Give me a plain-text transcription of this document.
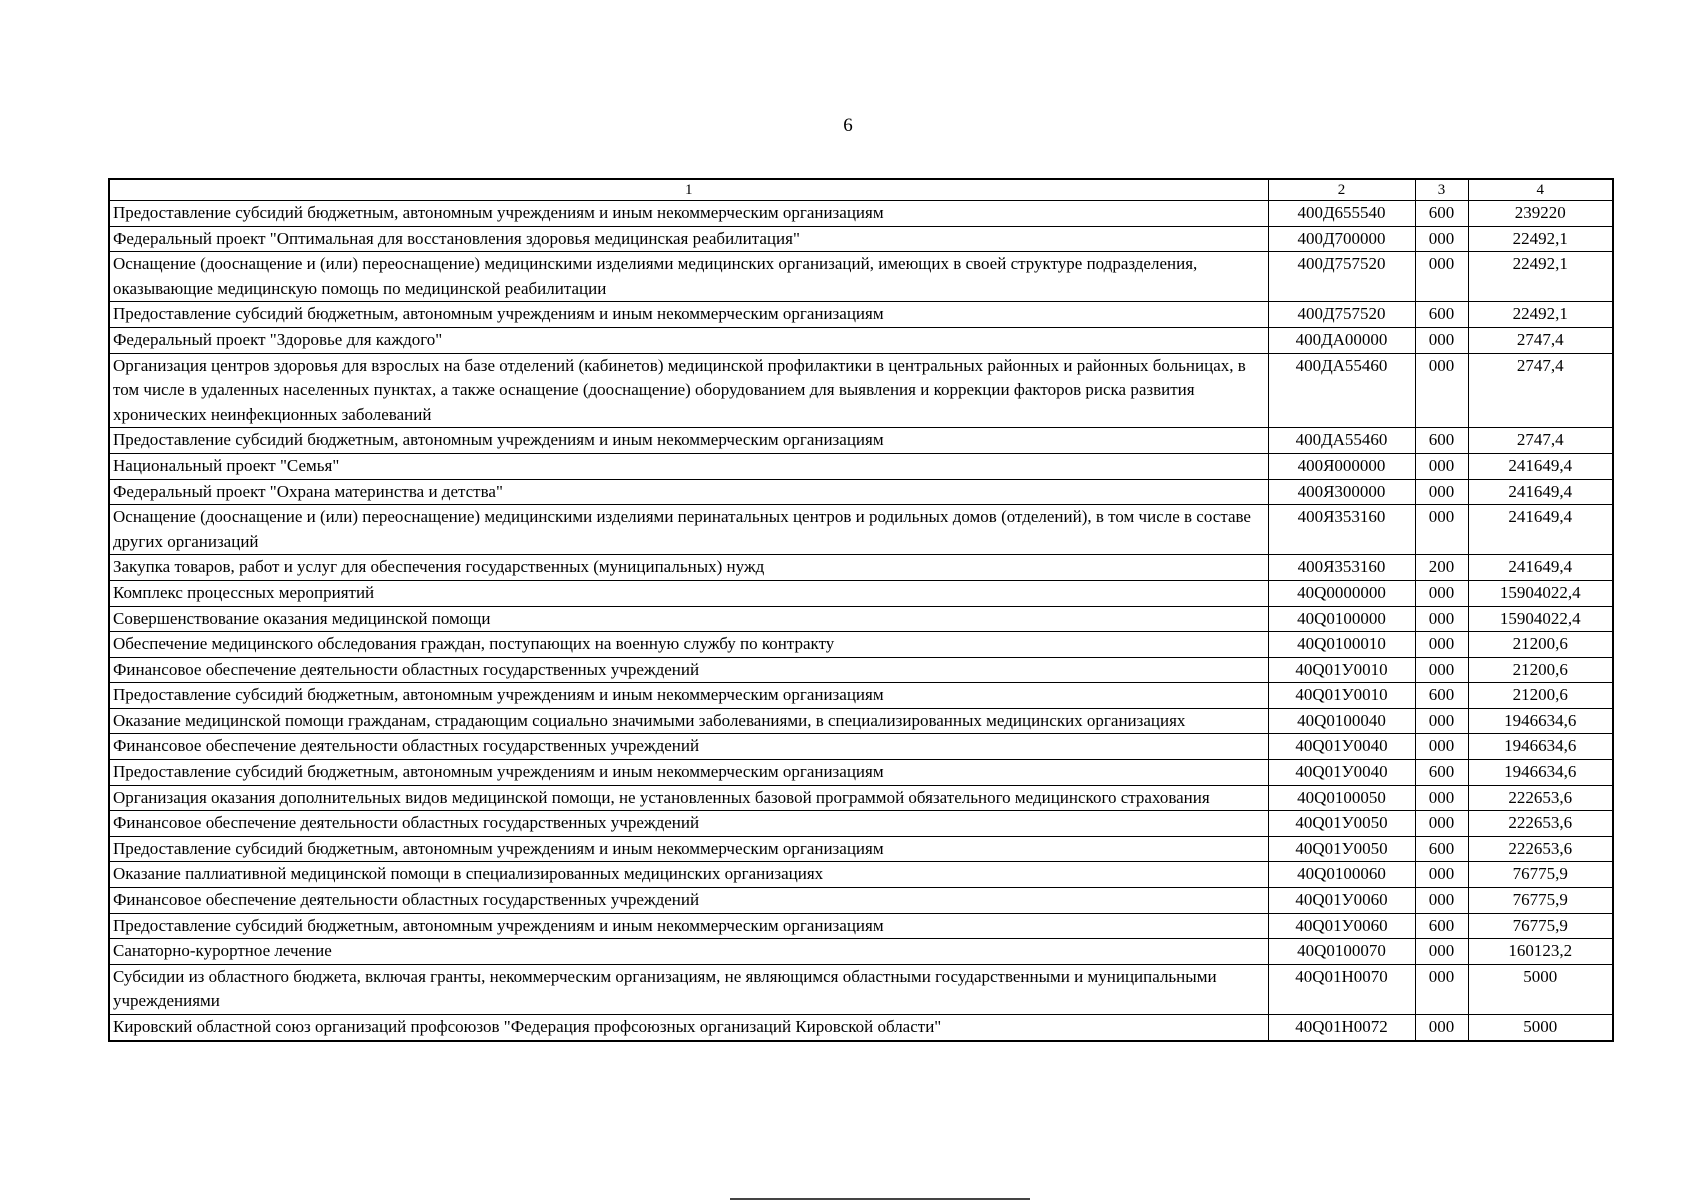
6
1	2	3	4
Предоставление субсидий бюджетным, автономным учреждениям и иным некоммерческим организациям	400Д655540	600	239220
Федеральный проект "Оптимальная для восстановления здоровья медицинская реабилитация"	400Д700000	000	22492,1
Оснащение (дооснащение и (или) переоснащение) медицинскими изделиями медицинских организаций, имеющих в своей структуре подразделения, оказывающие медицинскую помощь по медицинской реабилитации	400Д757520	000	22492,1
Предоставление субсидий бюджетным, автономным учреждениям и иным некоммерческим организациям	400Д757520	600	22492,1
Федеральный проект "Здоровье для каждого"	400ДА00000	000	2747,4
Организация центров здоровья для взрослых на базе отделений (кабинетов) медицинской профилактики в центральных районных и районных больницах, в том числе в удаленных населенных пунктах, а также оснащение (дооснащение) оборудованием для выявления и коррекции факторов риска развития хронических неинфекционных заболеваний	400ДА55460	000	2747,4
Предоставление субсидий бюджетным, автономным учреждениям и иным некоммерческим организациям	400ДА55460	600	2747,4
Национальный проект "Семья"	400Я000000	000	241649,4
Федеральный проект "Охрана материнства и детства"	400Я300000	000	241649,4
Оснащение (дооснащение и (или) переоснащение) медицинскими изделиями перинатальных центров и родильных домов (отделений), в том числе в составе других организаций	400Я353160	000	241649,4
Закупка товаров, работ и услуг для обеспечения государственных (муниципальных) нужд	400Я353160	200	241649,4
Комплекс процессных мероприятий	40Q0000000	000	15904022,4
Совершенствование оказания медицинской помощи	40Q0100000	000	15904022,4
Обеспечение медицинского обследования граждан, поступающих на военную службу по контракту	40Q0100010	000	21200,6
Финансовое обеспечение деятельности областных государственных учреждений	40Q01У0010	000	21200,6
Предоставление субсидий бюджетным, автономным учреждениям и иным некоммерческим организациям	40Q01У0010	600	21200,6
Оказание медицинской помощи гражданам, страдающим социально значимыми заболеваниями, в специализированных медицинских организациях	40Q0100040	000	1946634,6
Финансовое обеспечение деятельности областных государственных учреждений	40Q01У0040	000	1946634,6
Предоставление субсидий бюджетным, автономным учреждениям и иным некоммерческим организациям	40Q01У0040	600	1946634,6
Организация оказания дополнительных видов медицинской помощи, не установленных базовой программой обязательного медицинского страхования	40Q0100050	000	222653,6
Финансовое обеспечение деятельности областных государственных учреждений	40Q01У0050	000	222653,6
Предоставление субсидий бюджетным, автономным учреждениям и иным некоммерческим организациям	40Q01У0050	600	222653,6
Оказание паллиативной медицинской помощи в специализированных медицинских организациях	40Q0100060	000	76775,9
Финансовое обеспечение деятельности областных государственных учреждений	40Q01У0060	000	76775,9
Предоставление субсидий бюджетным, автономным учреждениям и иным некоммерческим организациям	40Q01У0060	600	76775,9
Санаторно-курортное лечение	40Q0100070	000	160123,2
Субсидии из областного бюджета, включая гранты, некоммерческим организациям, не являющимся областными государственными и муниципальными учреждениями	40Q01Н0070	000	5000
Кировский областной союз организаций профсоюзов "Федерация профсоюзных организаций Кировской области"	40Q01Н0072	000	5000
